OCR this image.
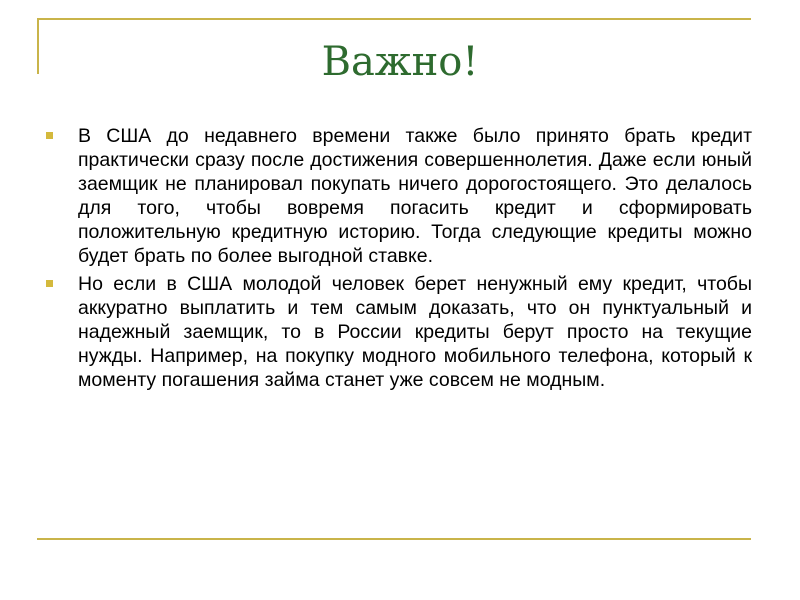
Важно!
В США до недавнего времени также было принято брать кредит практически сразу после достижения совершеннолетия. Даже если юный заемщик не планировал покупать ничего дорогостоящего. Это делалось для того, чтобы вовремя погасить кредит и сформировать положительную кредитную историю. Тогда следующие кредиты можно будет брать по более выгодной ставке.
Но если в США молодой человек берет ненужный ему кредит, чтобы аккуратно выплатить и тем самым доказать, что он пунктуальный и надежный заемщик, то в России кредиты берут просто на текущие нужды. Например, на покупку модного мобильного телефона, который к моменту погашения займа станет уже совсем не модным.
